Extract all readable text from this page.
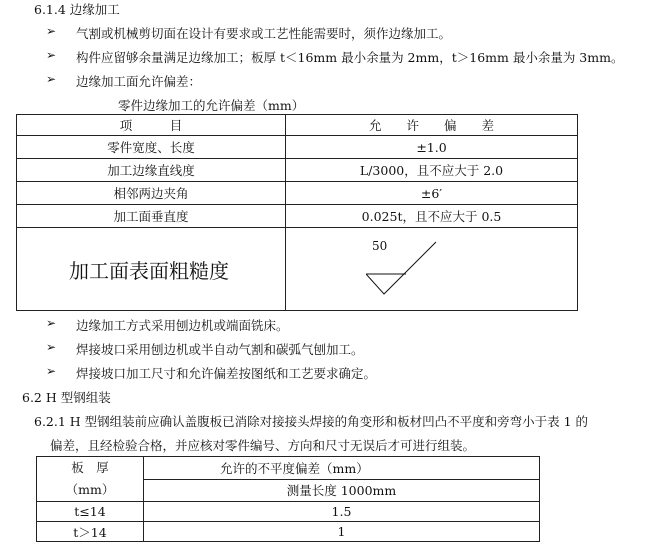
6.1.4 边缘加工
➢ 气割或机械剪切面在设计有要求或工艺性能需要时，须作边缘加工。
➢ 构件应留够余量满足边缘加工；板厚 t＜16mm 最小余量为 2mm，t＞16mm 最小余量为 3mm。
➢ 边缘加工面允许偏差：
零件边缘加工的允许偏差（mm）
项　　　目	允　　许　　偏　　差
零件宽度、长度	±1.0
加工边缘直线度	L/3000，且不应大于 2.0
相邻两边夹角	±6′
加工面垂直度	0.025t，且不应大于 0.5
加工面表面粗糙度	50
➢ 边缘加工方式采用刨边机或端面铣床。
➢ 焊接坡口采用刨边机或半自动气割和碳弧气刨加工。
➢ 焊接坡口加工尺寸和允许偏差按图纸和工艺要求确定。
6.2 H 型钢组装
6.2.1 H 型钢组装前应确认盖腹板已消除对接接头焊接的角变形和板材凹凸不平度和旁弯小于表 1 的
偏差，且经检验合格，并应核对零件编号、方向和尺寸无误后才可进行组装。
板　厚
（mm）	允许的不平度偏差（mm）
	测量长度 1000mm
t≤14	1.5
t＞14	1
